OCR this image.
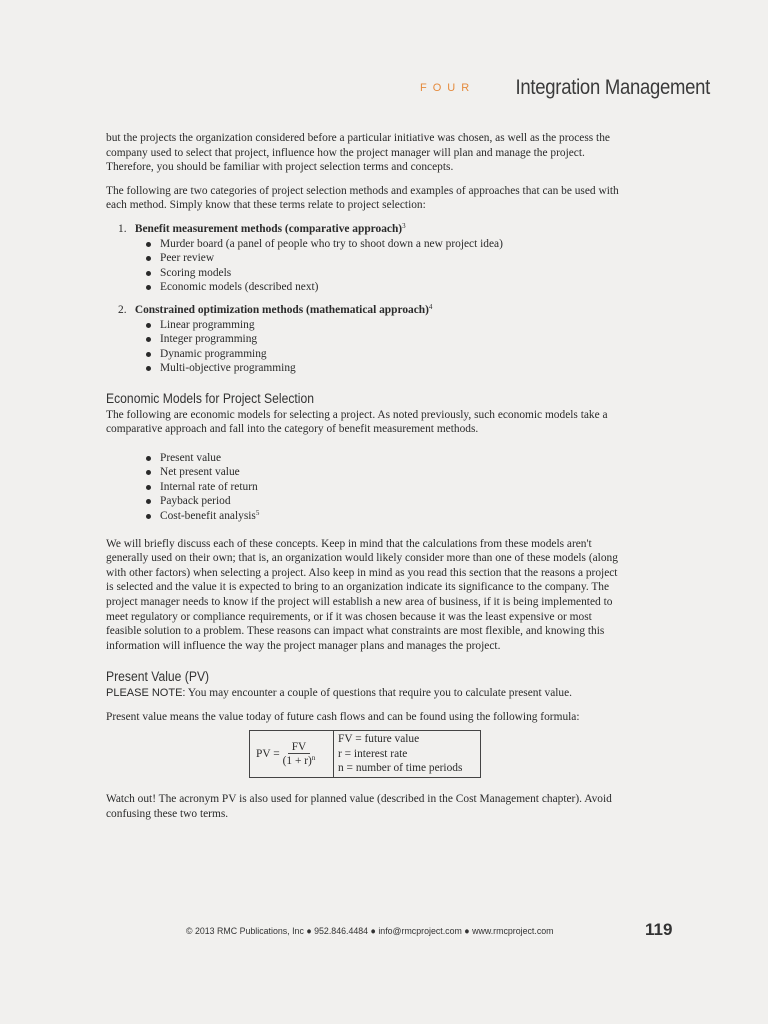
FOUR Integration Management

but the projects the organization considered before a particular initiative was chosen, as well as the process the company used to select that project, influence how the project manager will plan and manage the project. Therefore, you should be familiar with project selection terms and concepts.

The following are two categories of project selection methods and examples of approaches that can be used with each method. Simply know that these terms relate to project selection:

1. Benefit measurement methods (comparative approach)$^3$
Murder board (a panel of people who try to shoot down a new project idea)
Peer review
Scoring models
Economic models (described next)
2. Constrained optimization methods (mathematical approach)$^4$
Linear programming
Integer programming
Dynamic programming
Multi-objective programming
Economic Models for Project Selection

The following are economic models for selecting a project. As noted previously, such economic models take a comparative approach and fall into the category of benefit measurement methods.

Present value
Net present value
Internal rate of return
Payback period
Cost-benefit analysis$^5$

We will briefly discuss each of these concepts. Keep in mind that the calculations from these models aren't generally used on their own; that is, an organization would likely consider more than one of these models (along with other factors) when selecting a project. Also keep in mind as you read this section that the reasons a project is selected and the value it is expected to bring to an organization indicate its significance to the company. The project manager needs to know if the project will establish a new area of business, if it is being implemented to meet regulatory or compliance requirements, or if it was chosen because it was the least expensive or most feasible solution to a problem. These reasons can impact what constraints are most flexible, and knowing this information will influence the way the project manager plans and manages the project.

Present Value (PV)

PLEASE NOTE: You may encounter a couple of questions that require you to calculate present value.

Present value means the value today of future cash flows and can be found using the following formula:

PV = $\frac{FV}{(1 + r)^n}$
FV = future value
r = interest rate
n = number of time periods

Watch out! The acronym PV is also used for planned value (described in the Cost Management chapter). Avoid confusing these two terms.

© 2013 RMC Publications, Inc ● 952.846.4484 ● info@rmcproject.com ● www.rmcproject.com	119
